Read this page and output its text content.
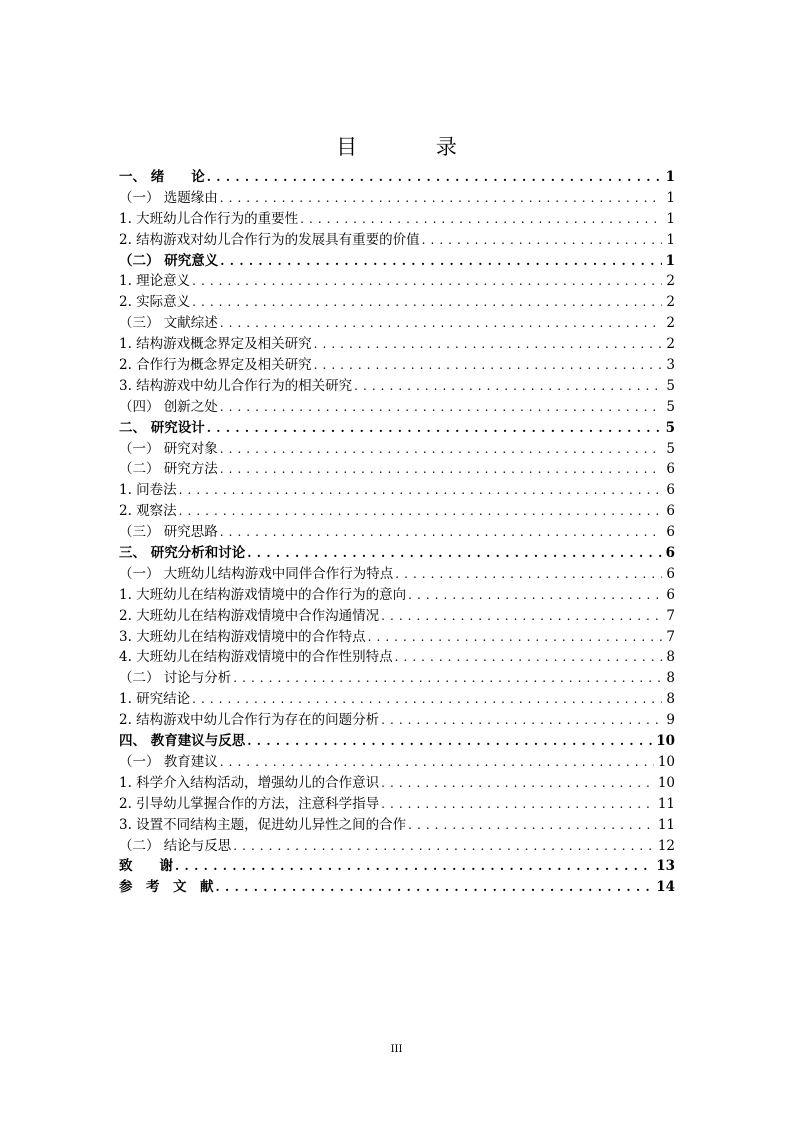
目 录
一、 绪　　论 . . .	1
（一） 选题缘由 . . .	1
1. 大班幼儿合作行为的重要性 . . .	1
2. 结构游戏对幼儿合作行为的发展具有重要的价值 . . .	1
（二） 研究意义 . . .	1
1. 理论意义 . . .	2
2. 实际意义 . . .	2
（三） 文献综述 . . .	2
1. 结构游戏概念界定及相关研究 . . .	2
2. 合作行为概念界定及相关研究 . . .	3
3. 结构游戏中幼儿合作行为的相关研究 . . .	5
（四） 创新之处 . . .	5
二、 研究设计 . . .	5
（一） 研究对象 . . .	5
（二） 研究方法 . . .	6
1. 问卷法 . . .	6
2. 观察法 . . .	6
（三） 研究思路 . . .	6
三、 研究分析和讨论 . . .	6
（一） 大班幼儿结构游戏中同伴合作行为特点 . . .	6
1. 大班幼儿在结构游戏情境中的合作行为的意向 . . .	6
2. 大班幼儿在结构游戏情境中合作沟通情况 . . .	7
3. 大班幼儿在结构游戏情境中的合作特点 . . .	7
4. 大班幼儿在结构游戏情境中的合作性别特点 . . .	8
（二） 讨论与分析 . . .	8
1. 研究结论 . . .	8
2. 结构游戏中幼儿合作行为存在的问题分析 . . .	9
四、 教育建议与反思 . . .	10
（一） 教育建议 . . .	10
1. 科学介入结构活动，增强幼儿的合作意识 . . .	10
2. 引导幼儿掌握合作的方法，注意科学指导 . . .	11
3. 设置不同结构主题，促进幼儿异性之间的合作 . . .	11
（二） 结论与反思 . . .	12
致　　谢 . . .	13
参　考　文　献 . . .	14
III
